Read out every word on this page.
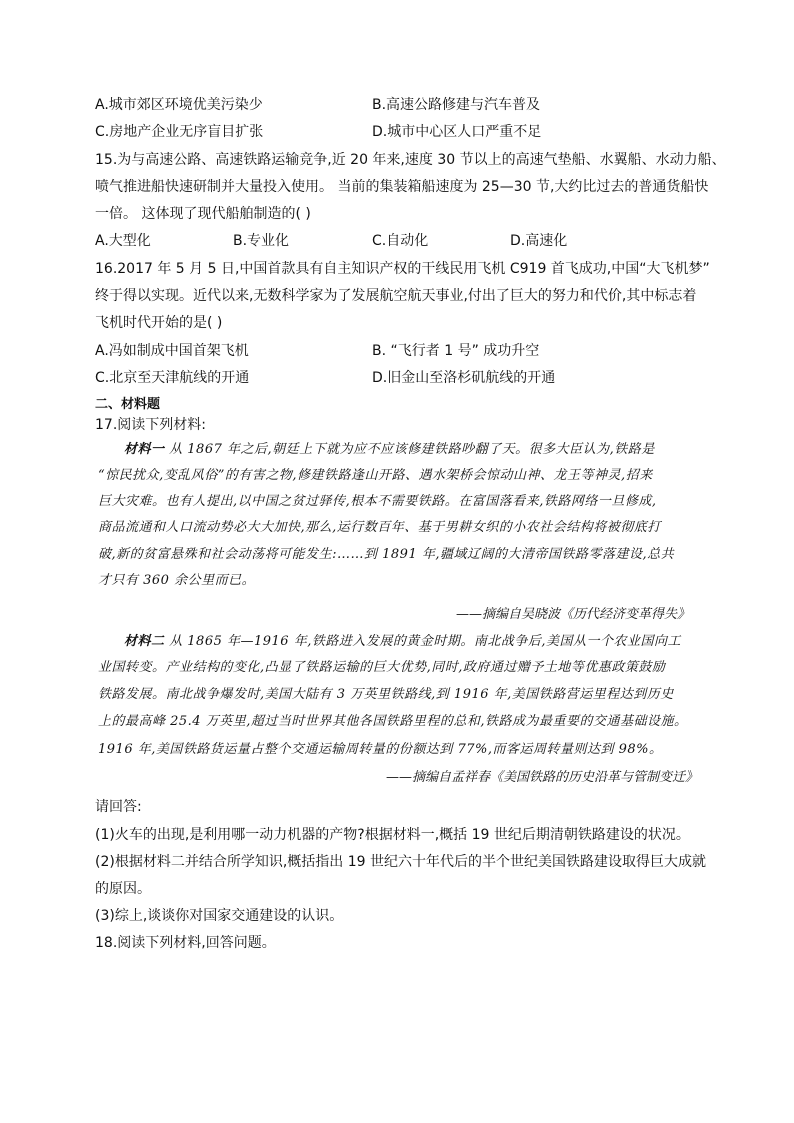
A.城市郊区环境优美污染少	B.高速公路修建与汽车普及
C.房地产企业无序盲目扩张	D.城市中心区人口严重不足
15.为与高速公路、高速铁路运输竞争,近 20 年来,速度 30 节以上的高速气垫船、水翼船、水动力船、
喷气推进船快速研制并大量投入使用。 当前的集装箱船速度为 25—30 节,大约比过去的普通货船快
一倍。 这体现了现代船舶制造的( )
A.大型化	B.专业化	C.自动化	D.高速化
16.2017 年 5 月 5 日,中国首款具有自主知识产权的干线民用飞机 C919 首飞成功,中国“大飞机梦”
终于得以实现。近代以来,无数科学家为了发展航空航天事业,付出了巨大的努力和代价,其中标志着
飞机时代开始的是( )
A.冯如制成中国首架飞机	B. “飞行者 1 号” 成功升空
C.北京至天津航线的开通	D.旧金山至洛杉矶航线的开通
二、材料题
17.阅读下列材料:
材料一 从 1867 年之后,朝廷上下就为应不应该修建铁路吵翻了天。很多大臣认为,铁路是
“惊民扰众,变乱风俗”的有害之物,修建铁路逢山开路、遇水架桥会惊动山神、龙王等神灵,招来
巨大灾难。也有人提出,以中国之贫过驿传,根本不需要铁路。在富国落看来,铁路网络一旦修成,
商品流通和人口流动势必大大加快,那么,运行数百年、基于男耕女织的小农社会结构将被彻底打
破,新的贫富悬殊和社会动荡将可能发生:……到 1891 年,疆域辽阔的大清帝国铁路零落建设,总共
才只有 360 余公里而已。
——摘编自吴晓波《历代经济变革得失》
材料二 从 1865 年—1916 年,铁路进入发展的黄金时期。南北战争后,美国从一个农业国向工
业国转变。产业结构的变化,凸显了铁路运输的巨大优势,同时,政府通过赠予土地等优惠政策鼓励
铁路发展。南北战争爆发时,美国大陆有 3 万英里铁路线,到 1916 年,美国铁路营运里程达到历史
上的最高峰 25.4 万英里,超过当时世界其他各国铁路里程的总和,铁路成为最重要的交通基础设施。
1916 年,美国铁路货运量占整个交通运输周转量的份额达到 77%,而客运周转量则达到 98%。
——摘编自孟祥春《美国铁路的历史沿革与管制变迁》
请回答:
(1)火车的出现,是利用哪一动力机器的产物?根据材料一,概括 19 世纪后期清朝铁路建设的状况。
(2)根据材料二并结合所学知识,概括指出 19 世纪六十年代后的半个世纪美国铁路建设取得巨大成就
的原因。
(3)综上,谈谈你对国家交通建设的认识。
18.阅读下列材料,回答问题。
